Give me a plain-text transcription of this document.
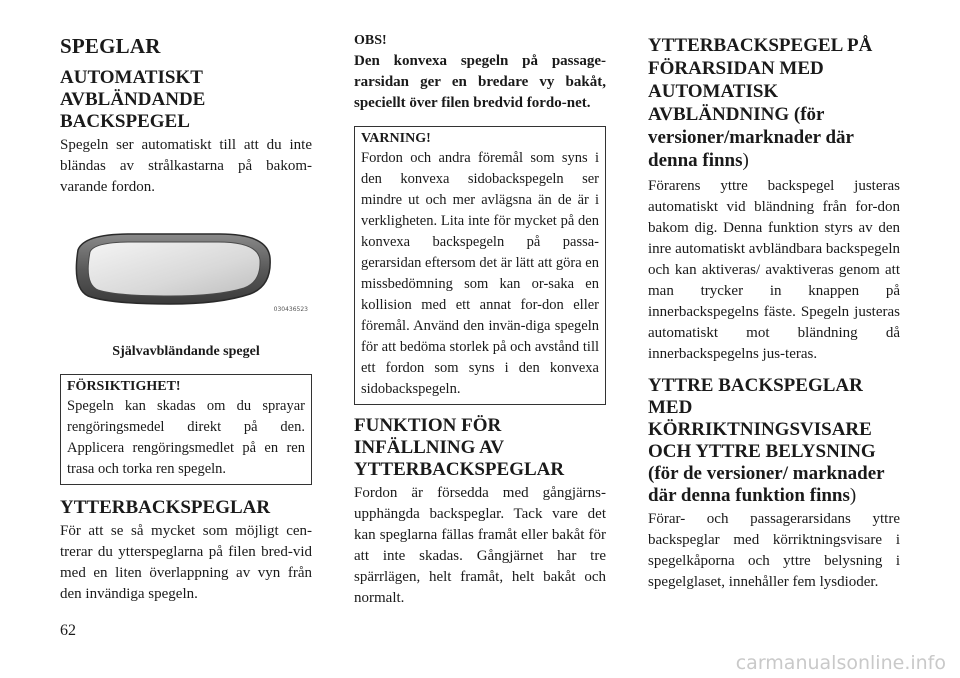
SPEGLAR
AUTOMATISKT AVBLÄNDANDE BACKSPEGEL

Spegeln ser automatiskt till att du inte bländas av strålkastarna på bakom-varande fordon.

030436523
Självavbländande spegel
FÖRSIKTIGHET!

Spegeln kan skadas om du sprayar rengöringsmedel direkt på den. Applicera rengöringsmedlet på en ren trasa och torka ren spegeln.

YTTERBACKSPEGLAR

För att se så mycket som möjligt cen-trerar du ytterspeglarna på filen bred-vid med en liten överlappning av vyn från den invändiga spegeln.

OBS!

Den konvexa spegeln på passage-rarsidan ger en bredare vy bakåt, speciellt över filen bredvid fordo-net.

VARNING!

Fordon och andra föremål som syns i den konvexa sidobackspegeln ser mindre ut och mer avlägsna än de är i verkligheten. Lita inte för mycket på den konvexa backspegeln på passa-gerarsidan eftersom det är lätt att göra en missbedömning som kan or-saka en kollision med ett annat for-don eller föremål. Använd den invän-diga spegeln för att bedöma storlek på och avstånd till ett fordon som syns i den konvexa sidobackspegeln.

FUNKTION FÖR INFÄLLNING AV YTTERBACKSPEGLAR

Fordon är försedda med gångjärns-upphängda backspeglar. Tack vare det kan speglarna fällas framåt eller bakåt för att inte skadas. Gångjärnet har tre spärrlägen, helt framåt, helt bakåt och normalt.

YTTERBACKSPEGEL PÅ FÖRARSIDAN MED AUTOMATISK AVBLÄNDNING (för versioner/marknader där denna finns)

Förarens yttre backspegel justeras automatiskt vid bländning från for-don bakom dig. Denna funktion styrs av den inre automatiskt avbländbara backspegeln och kan aktiveras/ avaktiveras genom att man trycker in knappen på innerbackspegelns fäste. Spegeln justeras automatiskt mot bländning då innerbackspegelns jus-teras.

YTTRE BACKSPEGLAR MED KÖRRIKTNINGSVISARE OCH YTTRE BELYSNING (för de versioner/ marknader där denna funktion finns)

Förar- och passagerarsidans yttre backspeglar med körriktningsvisare i spegelkåporna och yttre belysning i spegelglaset, innehåller fem lysdioder.

62
carmanualsonline.info
